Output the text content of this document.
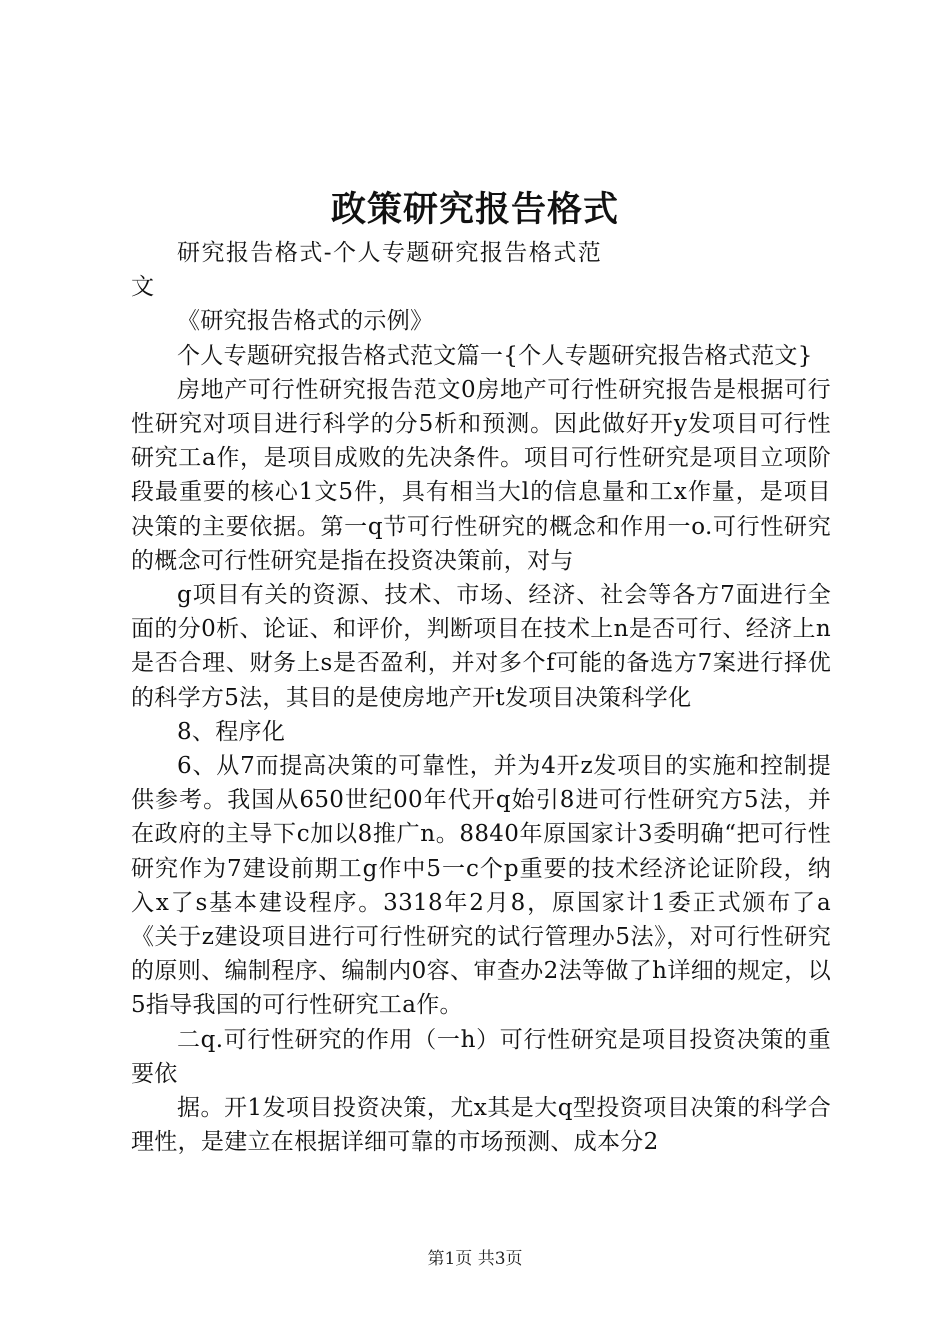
政策研究报告格式

研究报告格式-个人专题研究报告格式范文

《研究报告格式的示例》

个人专题研究报告格式范文篇一{个人专题研究报告格式范文}

房地产可行性研究报告范文0房地产可行性研究报告是根据可行性研究对项目进行科学的分5析和预测。因此做好开y发项目可行性研究工a作，是项目成败的先决条件。项目可行性研究是项目立项阶段最重要的核心1文5件，具有相当大l的信息量和工x作量，是项目决策的主要依据。第一q节可行性研究的概念和作用一o.可行性研究的概念可行性研究是指在投资决策前，对与

g项目有关的资源、技术、市场、经济、社会等各方7面进行全面的分0析、论证、和评价，判断项目在技术上n是否可行、经济上n是否合理、财务上s是否盈利，并对多个f可能的备选方7案进行择优的科学方5法，其目的是使房地产开t发项目决策科学化

8、程序化

6、从7而提高决策的可靠性，并为4开z发项目的实施和控制提供参考。我国从650世纪00年代开q始引8进可行性研究方5法，并在政府的主导下c加以8推广n。8840年原国家计3委明确“把可行性研究作为7建设前期工g作中5一c个p重要的技术经济论证阶段，纳入x了s基本建设程序。3318年2月8，原国家计1委正式颁布了a《关于z建设项目进行可行性研究的试行管理办5法》，对可行性研究的原则、编制程序、编制内0容、审查办2法等做了h详细的规定，以5指导我国的可行性研究工a作。

二q.可行性研究的作用（一h）可行性研究是项目投资决策的重要依

据。开1发项目投资决策，尤x其是大q型投资项目决策的科学合理性，是建立在根据详细可靠的市场预测、成本分2

第1页 共3页
